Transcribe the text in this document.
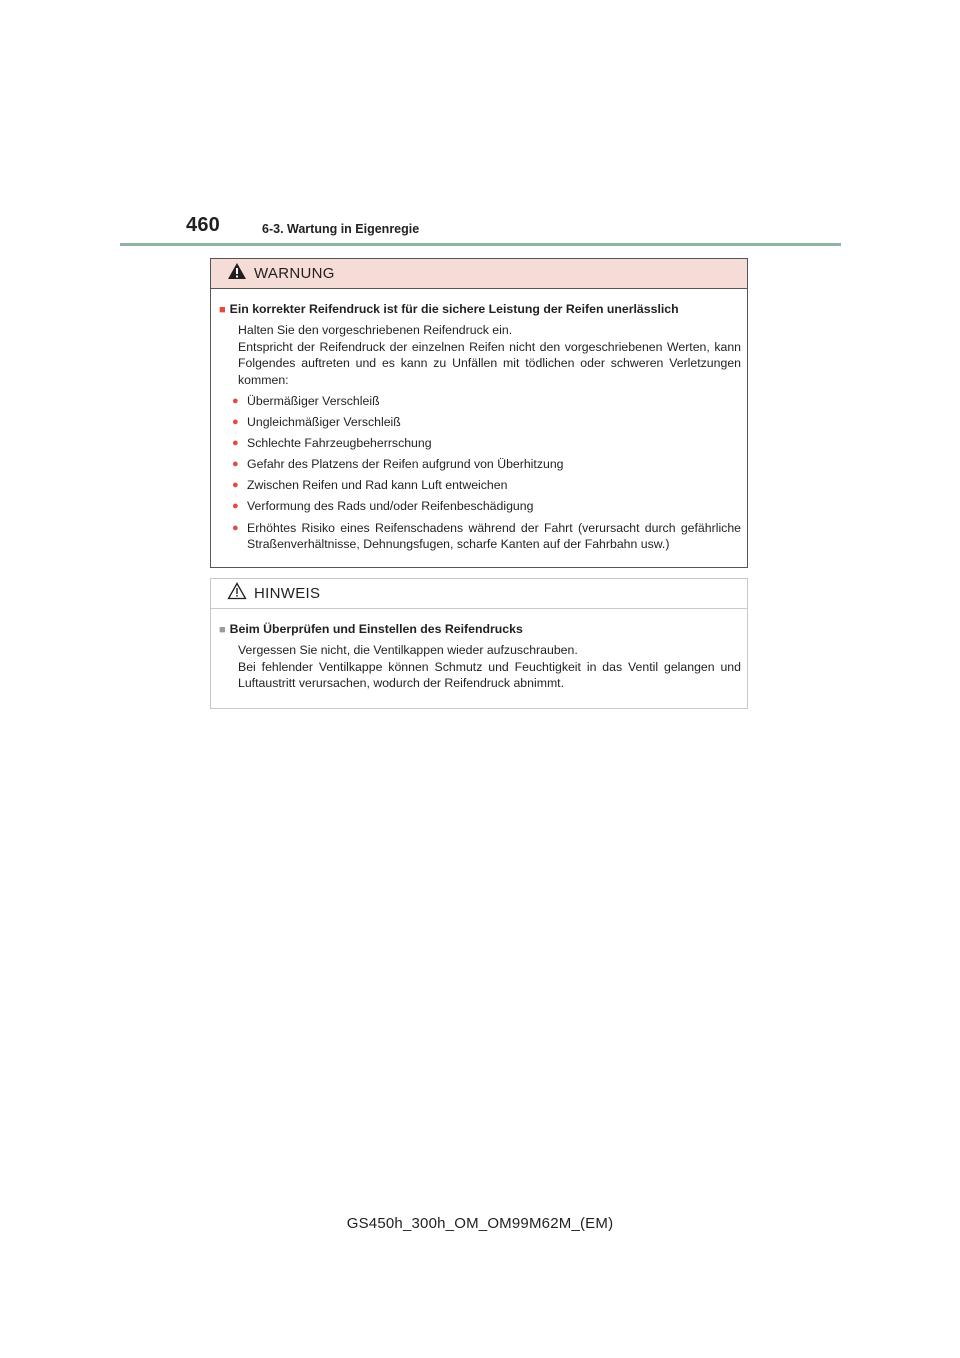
460	6-3. Wartung in Eigenregie
WARNUNG
■ Ein korrekter Reifendruck ist für die sichere Leistung der Reifen unerlässlich

Halten Sie den vorgeschriebenen Reifendruck ein.

Entspricht der Reifendruck der einzelnen Reifen nicht den vorgeschriebenen Werten, kann Folgendes auftreten und es kann zu Unfällen mit tödlichen oder schweren Verletzungen kommen:

● Übermäßiger Verschleiß
● Ungleichmäßiger Verschleiß
● Schlechte Fahrzeugbeherrschung
● Gefahr des Platzens der Reifen aufgrund von Überhitzung
● Zwischen Reifen und Rad kann Luft entweichen
● Verformung des Rads und/oder Reifenbeschädigung
● Erhöhtes Risiko eines Reifenschadens während der Fahrt (verursacht durch gefährliche Straßenverhältnisse, Dehnungsfugen, scharfe Kanten auf der Fahrbahn usw.)
HINWEIS
■ Beim Überprüfen und Einstellen des Reifendrucks

Vergessen Sie nicht, die Ventilkappen wieder aufzuschrauben.

Bei fehlender Ventilkappe können Schmutz und Feuchtigkeit in das Ventil gelangen und Luftaustritt verursachen, wodurch der Reifendruck abnimmt.

GS450h_300h_OM_OM99M62M_(EM)
